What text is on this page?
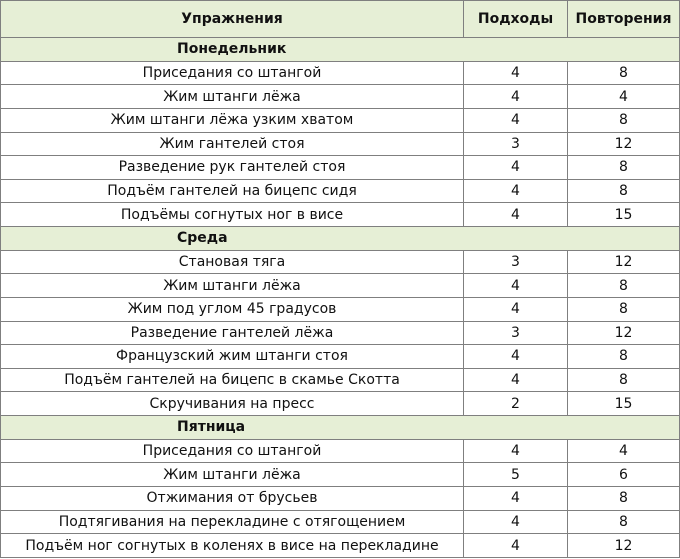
Упражнения	Подходы	Повторения
Понедельник		
Приседания со штангой	4	8
Жим штанги лёжа	4	4
Жим штанги лёжа узким хватом	4	8
Жим гантелей стоя	3	12
Разведение рук гантелей стоя	4	8
Подъём гантелей на бицепс сидя	4	8
Подъёмы согнутых ног в висе	4	15
Среда		
Становая тяга	3	12
Жим штанги лёжа	4	8
Жим под углом 45 градусов	4	8
Разведение гантелей лёжа	3	12
Французский жим штанги стоя	4	8
Подъём гантелей на бицепс в скамье Скотта	4	8
Скручивания на пресс	2	15
Пятница		
Приседания со штангой	4	4
Жим штанги лёжа	5	6
Отжимания от брусьев	4	8
Подтягивания на перекладине с отягощением	4	8
Подъём ног согнутых в коленях в висе на перекладине	4	12
